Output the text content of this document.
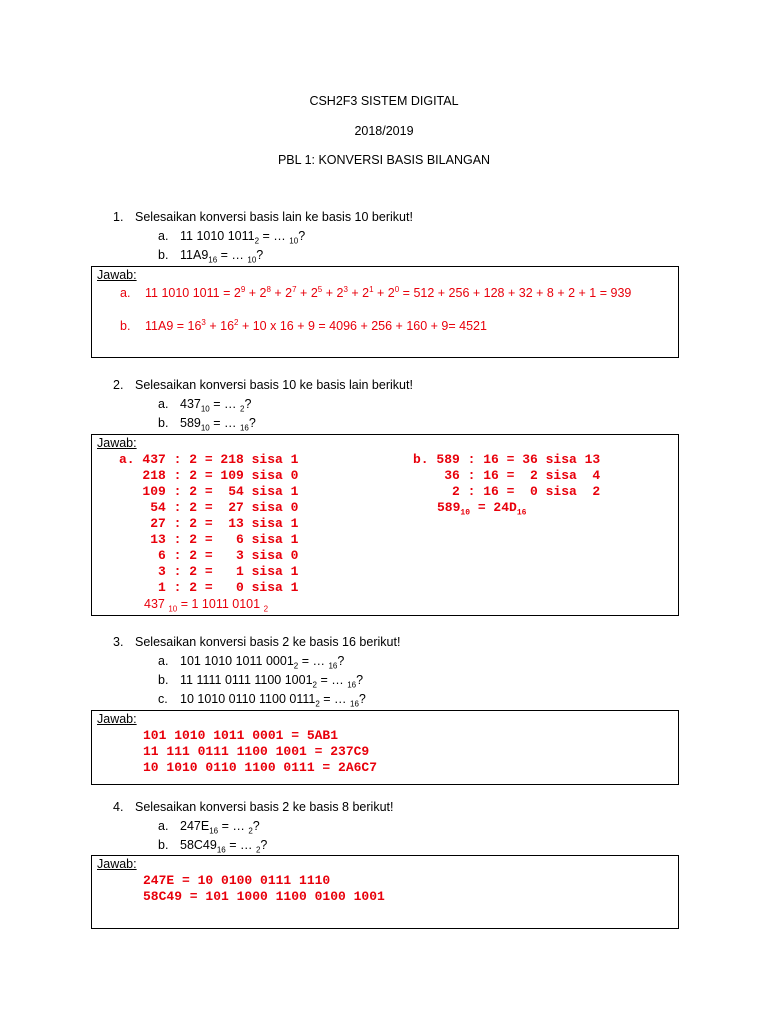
CSH2F3 SISTEM DIGITAL
2018/2019
PBL 1: KONVERSI BASIS BILANGAN
1. Selesaikan konversi basis lain ke basis 10 berikut!
a. 11 1010 $1011_2$ = … $_{10}$?
b. $11A9_{16}$ = … $_{10}$?
Jawab:
a. 11 1010 $1011 = 2^9 + 2^8 + 2^7 + 2^5 + 2^3 + 2^1 + 2^0 = 512 + 256 + 128 + 32 + 8 + 2 + 1 = 939$
b. $11A9 = 16^3 + 16^2 + 10$ x 16 + 9 = 4096 + 256 + 160 + 9= 4521
2. Selesaikan konversi basis 10 ke basis lain berikut!
a. $437_{10}$ = … $_2$?
b. $589_{10}$ = … $_{16}$?
Jawab:
a. 437 : 2 = 218 sisa 1
218 : 2 = 109 sisa 0
109 : 2 =  54 sisa 1
54 : 2 =  27 sisa 0
27 : 2 =  13 sisa 1
13 : 2 =   6 sisa 1
6 : 2 =   3 sisa 0
3 : 2 =   1 sisa 1
1 : 2 =   0 sisa 1
437 $_{10}$ = 1 1011 0101 $_2$
b. 589 : 16 = 36 sisa 13
36 : 16 =  2 sisa  4
2 : 16 =  0 sisa  2
$589_{10} = 24D_{16}$
3. Selesaikan konversi basis 2 ke basis 16 berikut!
a. 101 1010 1011 $0001_2$ = … $_{16}$?
b. 11 1111 0111 1100 $1001_2$ = … $_{16}$?
c. 10 1010 0110 1100 $0111_2$ = … $_{16}$?
Jawab:
101 1010 1011 0001 = 5AB1
11 111 0111 1100 1001 = 237C9
10 1010 0110 1100 0111 = 2A6C7
4. Selesaikan konversi basis 2 ke basis 8 berikut!
a. $247E_{16}$ = … $_2$?
b. $58C49_{16}$ = … $_2$?
Jawab:
247E = 10 0100 0111 1110
58C49 = 101 1000 1100 0100 1001
